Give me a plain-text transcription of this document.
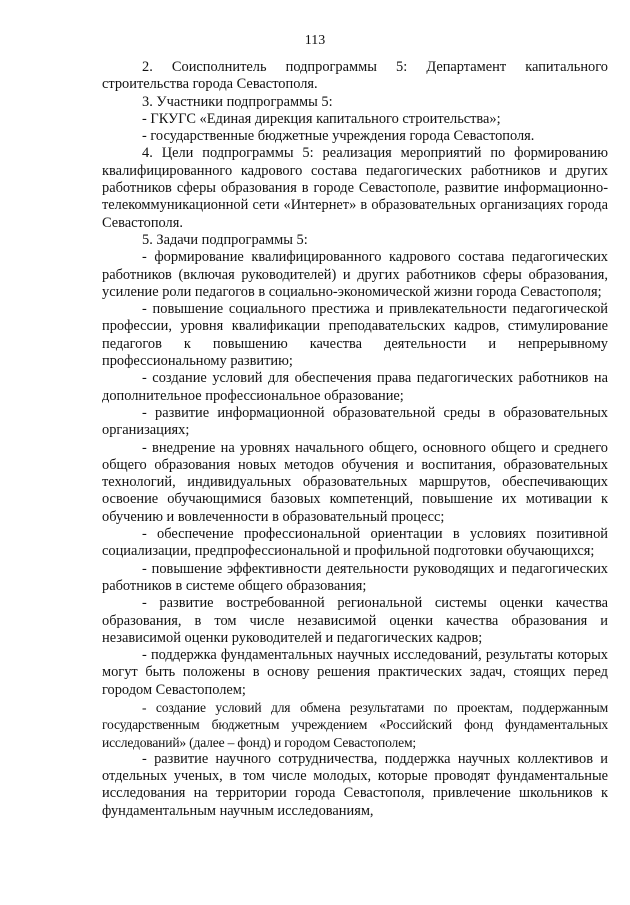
113

2. Соисполнитель подпрограммы 5: Департамент капитального строительства города Севастополя.

3. Участники подпрограммы 5:

- ГКУГС «Единая дирекция капитального строительства»;

- государственные бюджетные учреждения города Севастополя.

4. Цели подпрограммы 5: реализация мероприятий по формированию квалифицированного кадрового состава педагогических работников и других работников сферы образования в городе Севастополе, развитие информационно-телекоммуникационной сети «Интернет» в образовательных организациях города Севастополя.

5. Задачи подпрограммы 5:

- формирование квалифицированного кадрового состава педагогических работников (включая руководителей) и других работников сферы образования, усиление роли педагогов в социально-экономической жизни города Севастополя;

- повышение социального престижа и привлекательности педагогической профессии, уровня квалификации преподавательских кадров, стимулирование педагогов к повышению качества деятельности и непрерывному профессиональному развитию;

- создание условий для обеспечения права педагогических работников на дополнительное профессиональное образование;

- развитие информационной образовательной среды в образовательных организациях;

- внедрение на уровнях начального общего, основного общего и среднего общего образования новых методов обучения и воспитания, образовательных технологий, индивидуальных образовательных маршрутов, обеспечивающих освоение обучающимися базовых компетенций, повышение их мотивации к обучению и вовлеченности в образовательный процесс;

- обеспечение профессиональной ориентации в условиях позитивной социализации, предпрофессиональной и профильной подготовки обучающихся;

- повышение эффективности деятельности руководящих и педагогических работников в системе общего образования;

- развитие востребованной региональной системы оценки качества образования, в том числе независимой оценки качества образования и независимой оценки руководителей и педагогических кадров;

- поддержка фундаментальных научных исследований, результаты которых могут быть положены в основу решения практических задач, стоящих перед городом Севастополем;

- создание условий для обмена результатами по проектам, поддержанным государственным бюджетным учреждением «Российский фонд фундаментальных исследований» (далее – фонд) и городом Севастополем;

- развитие научного сотрудничества, поддержка научных коллективов и отдельных ученых, в том числе молодых, которые проводят фундаментальные исследования на территории города Севастополя, привлечение школьников к фундаментальным научным исследованиям,
